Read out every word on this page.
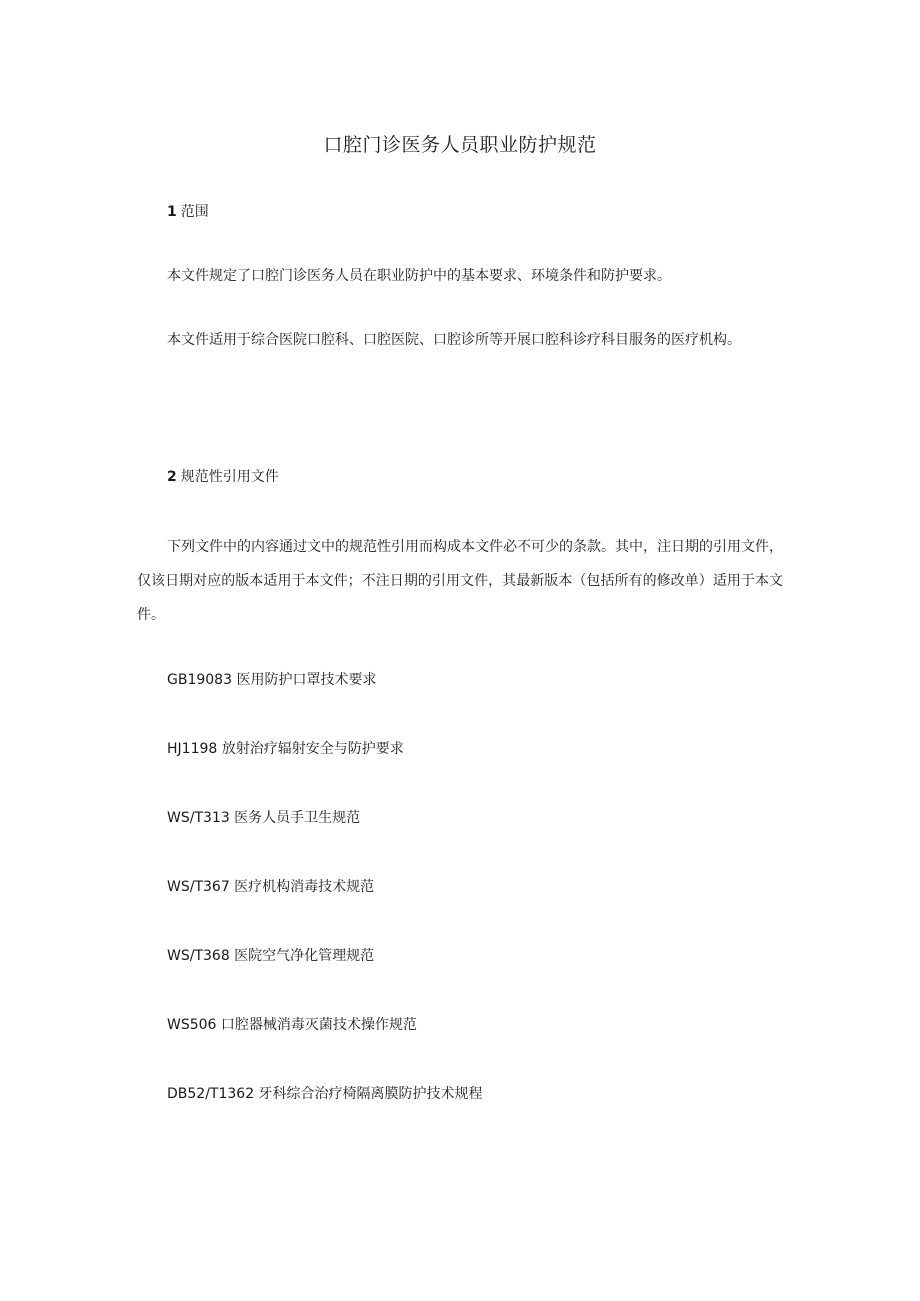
口腔门诊医务人员职业防护规范
1 范围
本文件规定了口腔门诊医务人员在职业防护中的基本要求、环境条件和防护要求。
本文件适用于综合医院口腔科、口腔医院、口腔诊所等开展口腔科诊疗科目服务的医疗机构。
2 规范性引用文件
下列文件中的内容通过文中的规范性引用而构成本文件必不可少的条款。其中，注日期的引用文件，仅该日期对应的版本适用于本文件；不注日期的引用文件，其最新版本（包括所有的修改单）适用于本文件。
GB19083 医用防护口罩技术要求
HJ1198 放射治疗辐射安全与防护要求
WS/T313 医务人员手卫生规范
WS/T367 医疗机构消毒技术规范
WS/T368 医院空气净化管理规范
WS506 口腔器械消毒灭菌技术操作规范
DB52/T1362 牙科综合治疗椅隔离膜防护技术规程
